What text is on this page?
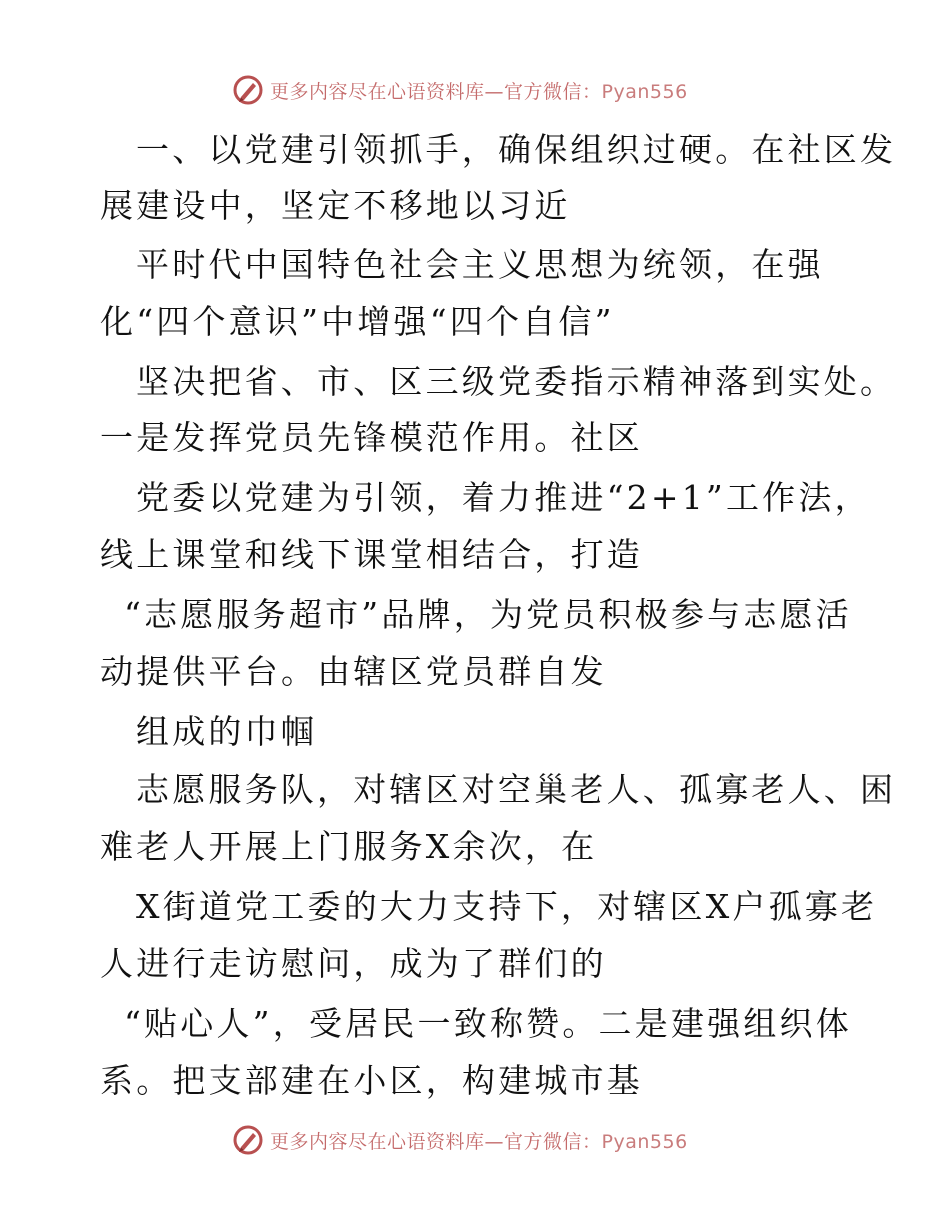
更多内容尽在心语资料库—官方微信：Pyan556
一、以党建引领抓手，确保组织过硬。在社区发
展建设中，坚定不移地以习近
平时代中国特色社会主义思想为统领，在强
化“四个意识”中增强“四个自信”
坚决把省、市、区三级党委指示精神落到实处。
一是发挥党员先锋模范作用。社区
党委以党建为引领，着力推进“2+1”工作法，
线上课堂和线下课堂相结合，打造
“志愿服务超市”品牌，为党员积极参与志愿活
动提供平台。由辖区党员群自发
组成的巾帼
志愿服务队，对辖区对空巢老人、孤寡老人、困
难老人开展上门服务X余次，在
X街道党工委的大力支持下，对辖区X户孤寡老
人进行走访慰问，成为了群们的
“贴心人”，受居民一致称赞。二是建强组织体
系。把支部建在小区，构建城市基
更多内容尽在心语资料库—官方微信：Pyan556
